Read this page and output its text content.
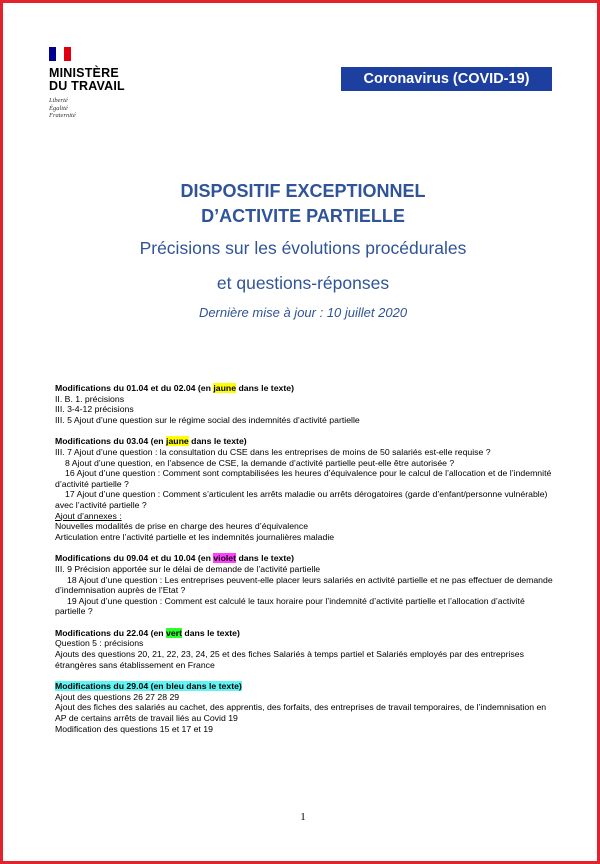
MINISTÈRE
DU TRAVAIL
Liberté
Égalité
Fraternité
Coronavirus (COVID-19)
DISPOSITIF EXCEPTIONNEL
D’ACTIVITE PARTIELLE
Précisions sur les évolutions procédurales
et questions-réponses
Dernière mise à jour : 10 juillet 2020
Modifications du 01.04 et du 02.04 (en jaune dans le texte)
II. B. 1. précisions
III. 3-4-12 précisions
III. 5 Ajout d’une question sur le régime social des indemnités d’activité partielle
Modifications du 03.04 (en jaune dans le texte)
III. 7 Ajout d’une question : la consultation du CSE dans les entreprises de moins de 50 salariés est-elle requise ?
8 Ajout d’une question, en l’absence de CSE, la demande d’activité partielle peut-elle être autorisée ?
16 Ajout d’une question : Comment sont comptabilisées les heures d’équivalence pour le calcul de l’allocation et de l’indemnité d’activité partielle ?
17 Ajout d’une question : Comment s’articulent les arrêts maladie ou arrêts dérogatoires (garde d’enfant/personne vulnérable) avec l’activité partielle ?
Ajout d’annexes :
Nouvelles modalités de prise en charge des heures d’équivalence
Articulation entre l’activité partielle et les indemnités journalières maladie
Modifications du 09.04 et du 10.04 (en violet dans le texte)
III. 9 Précision apportée sur le délai de demande de l’activité partielle
18 Ajout d’une question : Les entreprises peuvent-elle placer leurs salariés en activité partielle et ne pas effectuer de demande d’indemnisation auprès de l’Etat ?
19 Ajout d’une question : Comment est calculé le taux horaire pour l’indemnité d’activité partielle et l’allocation d’activité partielle ?
Modifications du 22.04 (en vert dans le texte)
Question 5 : précisions
Ajouts des questions 20, 21, 22, 23, 24, 25 et des fiches Salariés à temps partiel et Salariés employés par des entreprises étrangères sans établissement en France
Modifications du 29.04 (en bleu dans le texte)
Ajout des questions 26 27 28 29
Ajout des fiches des salariés au cachet, des apprentis, des forfaits, des entreprises de travail temporaires, de l’indemnisation en AP de certains arrêts de travail liés au Covid 19
Modification des questions 15 et 17 et 19
1
